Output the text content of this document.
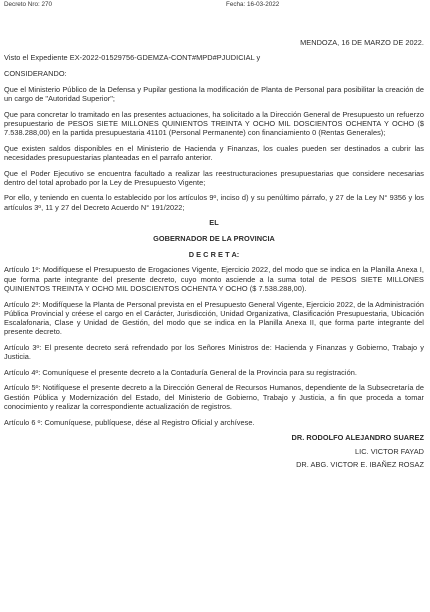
Decreto Nro: 270	Fecha: 16-03-2022

MENDOZA, 16 DE MARZO DE 2022.

Visto el Expediente EX-2022-01529756-GDEMZA-CONT#MPD#PJUDICIAL y

CONSIDERANDO:

Que el Ministerio Público de la Defensa y Pupilar gestiona la modificación de Planta de Personal para posibilitar la creación de un cargo de "Autoridad Superior";

Que para concretar lo tramitado en las presentes actuaciones, ha solicitado a la Dirección General de Presupuesto un refuerzo presupuestario de PESOS SIETE MILLONES QUINIENTOS TREINTA Y OCHO MIL DOSCIENTOS OCHENTA Y OCHO ($ 7.538.288,00) en la partida presupuestaria 41101 (Personal Permanente) con financiamiento 0 (Rentas Generales);

Que existen saldos disponibles en el Ministerio de Hacienda y Finanzas, los cuales pueden ser destinados a cubrir las necesidades presupuestarias planteadas en el parrafo anterior.

Que el Poder Ejecutivo se encuentra facultado a realizar las reestructuraciones presupuestarias que considere necesarias dentro del total aprobado por la Ley de Presupuesto Vigente;

Por ello, y teniendo en cuenta lo establecido por los artículos 9º, inciso d) y su penúltimo párrafo, y 27 de la Ley N° 9356 y los artículos 3º, 11 y 27 del Decreto Acuerdo N° 191/2022;

EL

GOBERNADOR DE LA PROVINCIA

D E C R E T A:

Artículo 1º: Modifíquese el Presupuesto de Erogaciones Vigente, Ejercicio 2022, del modo que se indica en la Planilla Anexa I, que forma parte integrante del presente decreto, cuyo monto asciende a la suma total de PESOS SIETE MILLONES QUINIENTOS TREINTA Y OCHO MIL DOSCIENTOS OCHENTA Y OCHO ($ 7.538.288,00).

Artículo 2º: Modifíquese la Planta de Personal prevista en el Presupuesto General Vigente, Ejercicio 2022, de la Administración Pública Provincial y créese el cargo en el Carácter, Jurisdicción, Unidad Organizativa, Clasificación Presupuestaria, Ubicación Escalafonaria, Clase y Unidad de Gestión, del modo que se indica en la Planilla Anexa II, que forma parte integrante del presente decreto.

Artículo 3º: El presente decreto será refrendado por los Señores Ministros de: Hacienda y Finanzas y Gobierno, Trabajo y Justicia.

Artículo 4º: Comuníquese el presente decreto a la Contaduría General de la Provincia para su registración.

Artículo 5º: Notifíquese el presente decreto a la Dirección General de Recursos Humanos, dependiente de la Subsecretaría de Gestión Pública y Modernización del Estado, del Ministerio de Gobierno, Trabajo y Justicia, a fin que proceda a tomar conocimiento y realizar la correspondiente actualización de registros.

Artículo 6 º: Comuníquese, publíquese, dése al Registro Oficial y archívese.

DR. RODOLFO ALEJANDRO SUAREZ

LIC. VICTOR FAYAD

DR. ABG. VICTOR E. IBAÑEZ ROSAZ
